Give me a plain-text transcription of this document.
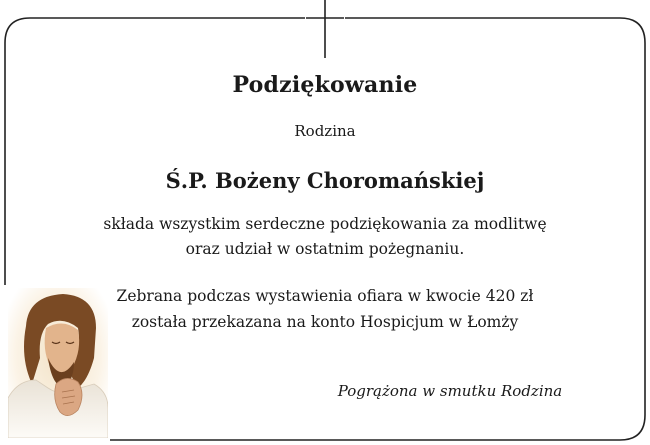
Podziękowanie
Rodzina
Ś.P. Bożeny Choromańskiej
składa wszystkim serdeczne podziękowania za modlitwę
oraz udział w ostatnim pożegnaniu.
Zebrana podczas wystawienia ofiara w kwocie 420 zł
została przekazana na konto Hospicjum w Łomży
Pogrążona w smutku Rodzina
